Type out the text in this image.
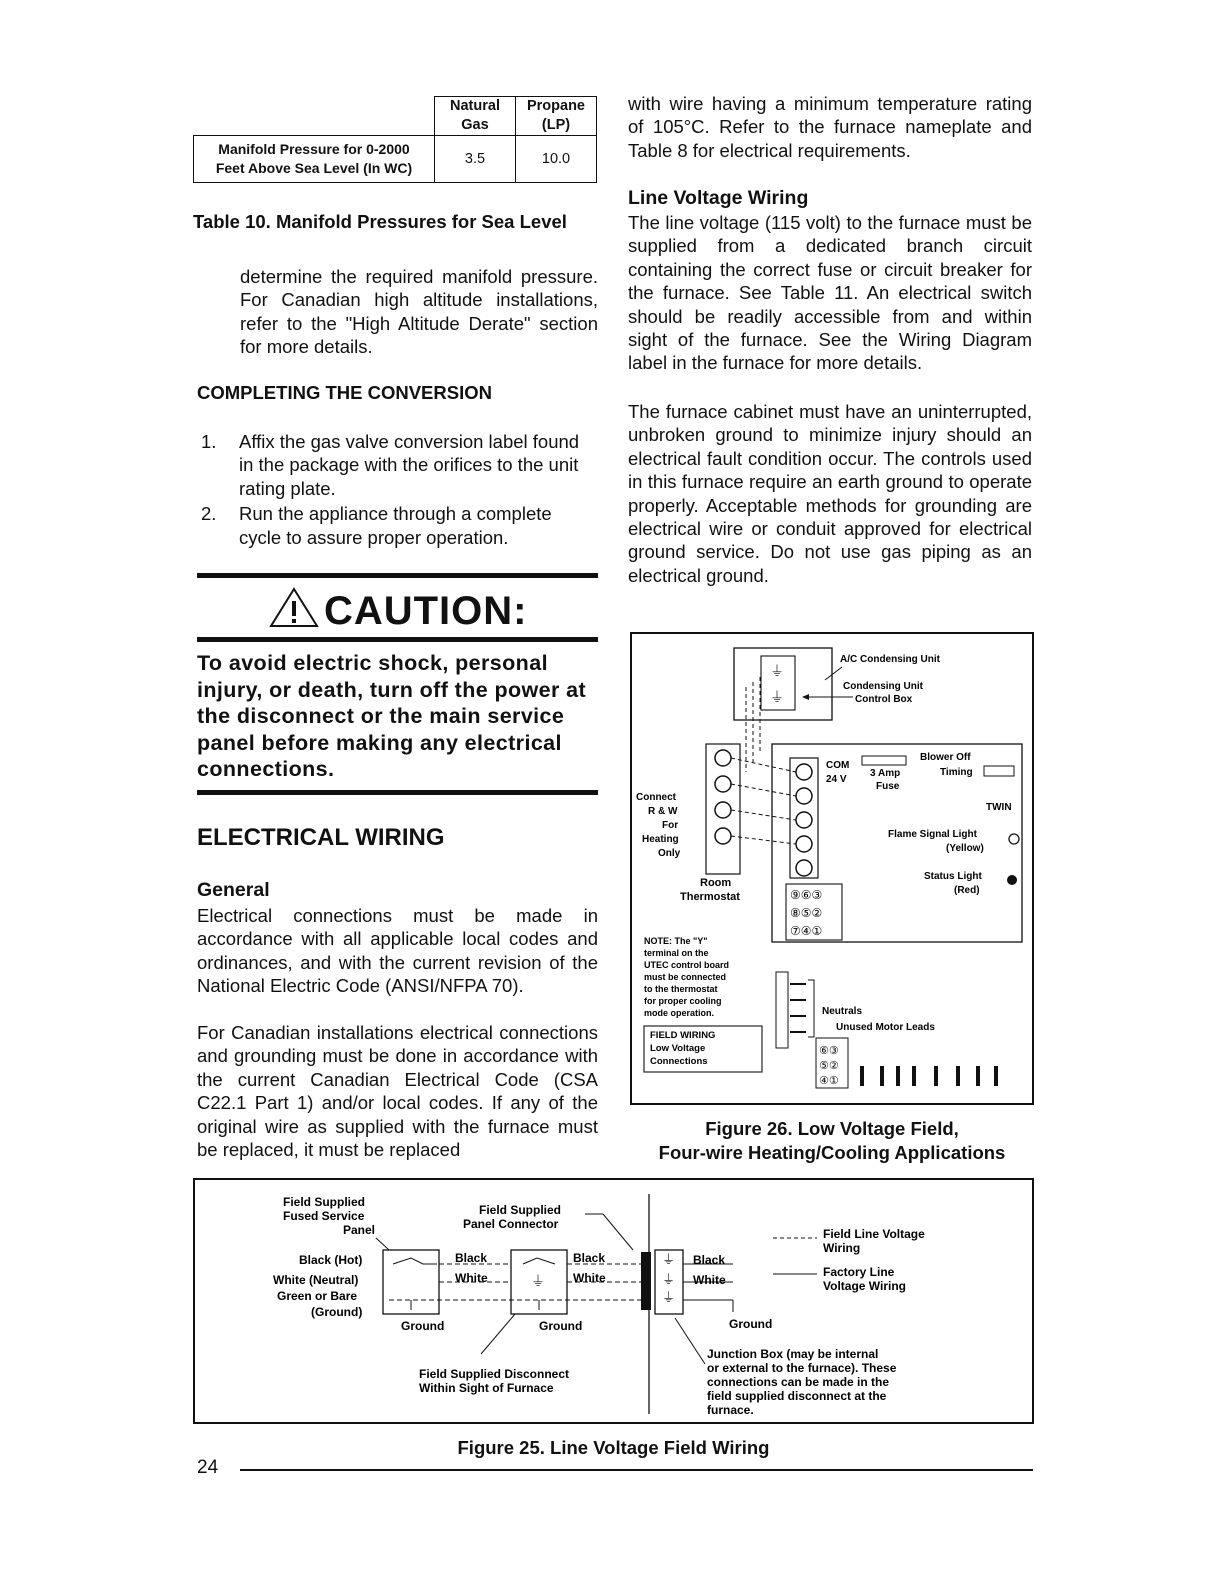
	Natural Gas	Propane (LP)

Manifold Pressure for 0-2000
Feet Above Sea Level (In WC)	3.5	10.0
Table 10. Manifold Pressures for Sea Level
determine the required manifold pressure. For Canadian high altitude installations, refer to the "High Altitude Derate" section for more details.
COMPLETING THE CONVERSION
1. Affix the gas valve conversion label found in the package with the orifices to the unit rating plate.
2. Run the appliance through a complete cycle to assure proper operation.
CAUTION:
To avoid electric shock, personal injury, or death, turn off the power at the disconnect or the main service panel before making any electrical connections.
ELECTRICAL WIRING
General
Electrical connections must be made in accordance with all applicable local codes and ordinances, and with the current revision of the National Electric Code (ANSI/NFPA 70).
For Canadian installations electrical connections and grounding must be done in accordance with the current Canadian Electrical Code (CSA C22.1 Part 1) and/or local codes. If any of the original wire as supplied with the furnace must be replaced, it must be replaced
with wire having a minimum temperature rating of 105°C. Refer to the furnace nameplate and Table 8 for electrical requirements.
Line Voltage Wiring
The line voltage (115 volt) to the furnace must be supplied from a dedicated branch circuit containing the correct fuse or circuit breaker for the furnace. See Table 11. An electrical switch should be readily accessible from and within sight of the furnace. See the Wiring Diagram label in the furnace for more details.
The furnace cabinet must have an uninterrupted, unbroken ground to minimize injury should an electrical fault condition occur. The controls used in this furnace require an earth ground to operate properly. Acceptable methods for grounding are electrical wire or conduit approved for electrical ground service. Do not use gas piping as an electrical ground.
⏚
⏚
A/C Condensing Unit
Condensing Unit
Control Box
COM
24 V
3 Amp
Fuse
Blower Off
Timing
TWIN
Flame Signal Light
(Yellow)
Status Light
(Red)
⑨⑥③
⑧⑤②
⑦④①
Connect
R & W
For
Heating
Only
Room
Thermostat
NOTE: The "Y"
terminal on the
UTEC control board
must be connected
to the thermostat
for proper cooling
mode operation.
FIELD WIRING
Low Voltage
Connections
Neutrals
Unused Motor Leads
⑥③
⑤②
④①
Figure 26. Low Voltage Field,
Four-wire Heating/Cooling Applications
Field Supplied
Fused Service
Panel
Field Supplied
Panel Connector
Black (Hot)
White (Neutral)
Green or Bare
(Ground)
⏚
Black
White
Black
White
Ground	Ground
⏚
⏚
⏚
Black
White
Ground
Field Line Voltage
Wiring
Factory Line
Voltage Wiring
Field Supplied Disconnect
Within Sight of Furnace
Junction Box (may be internal
or external to the furnace). These
connections can be made in the
field supplied disconnect at the
furnace.
Figure 25. Line Voltage Field Wiring
24
